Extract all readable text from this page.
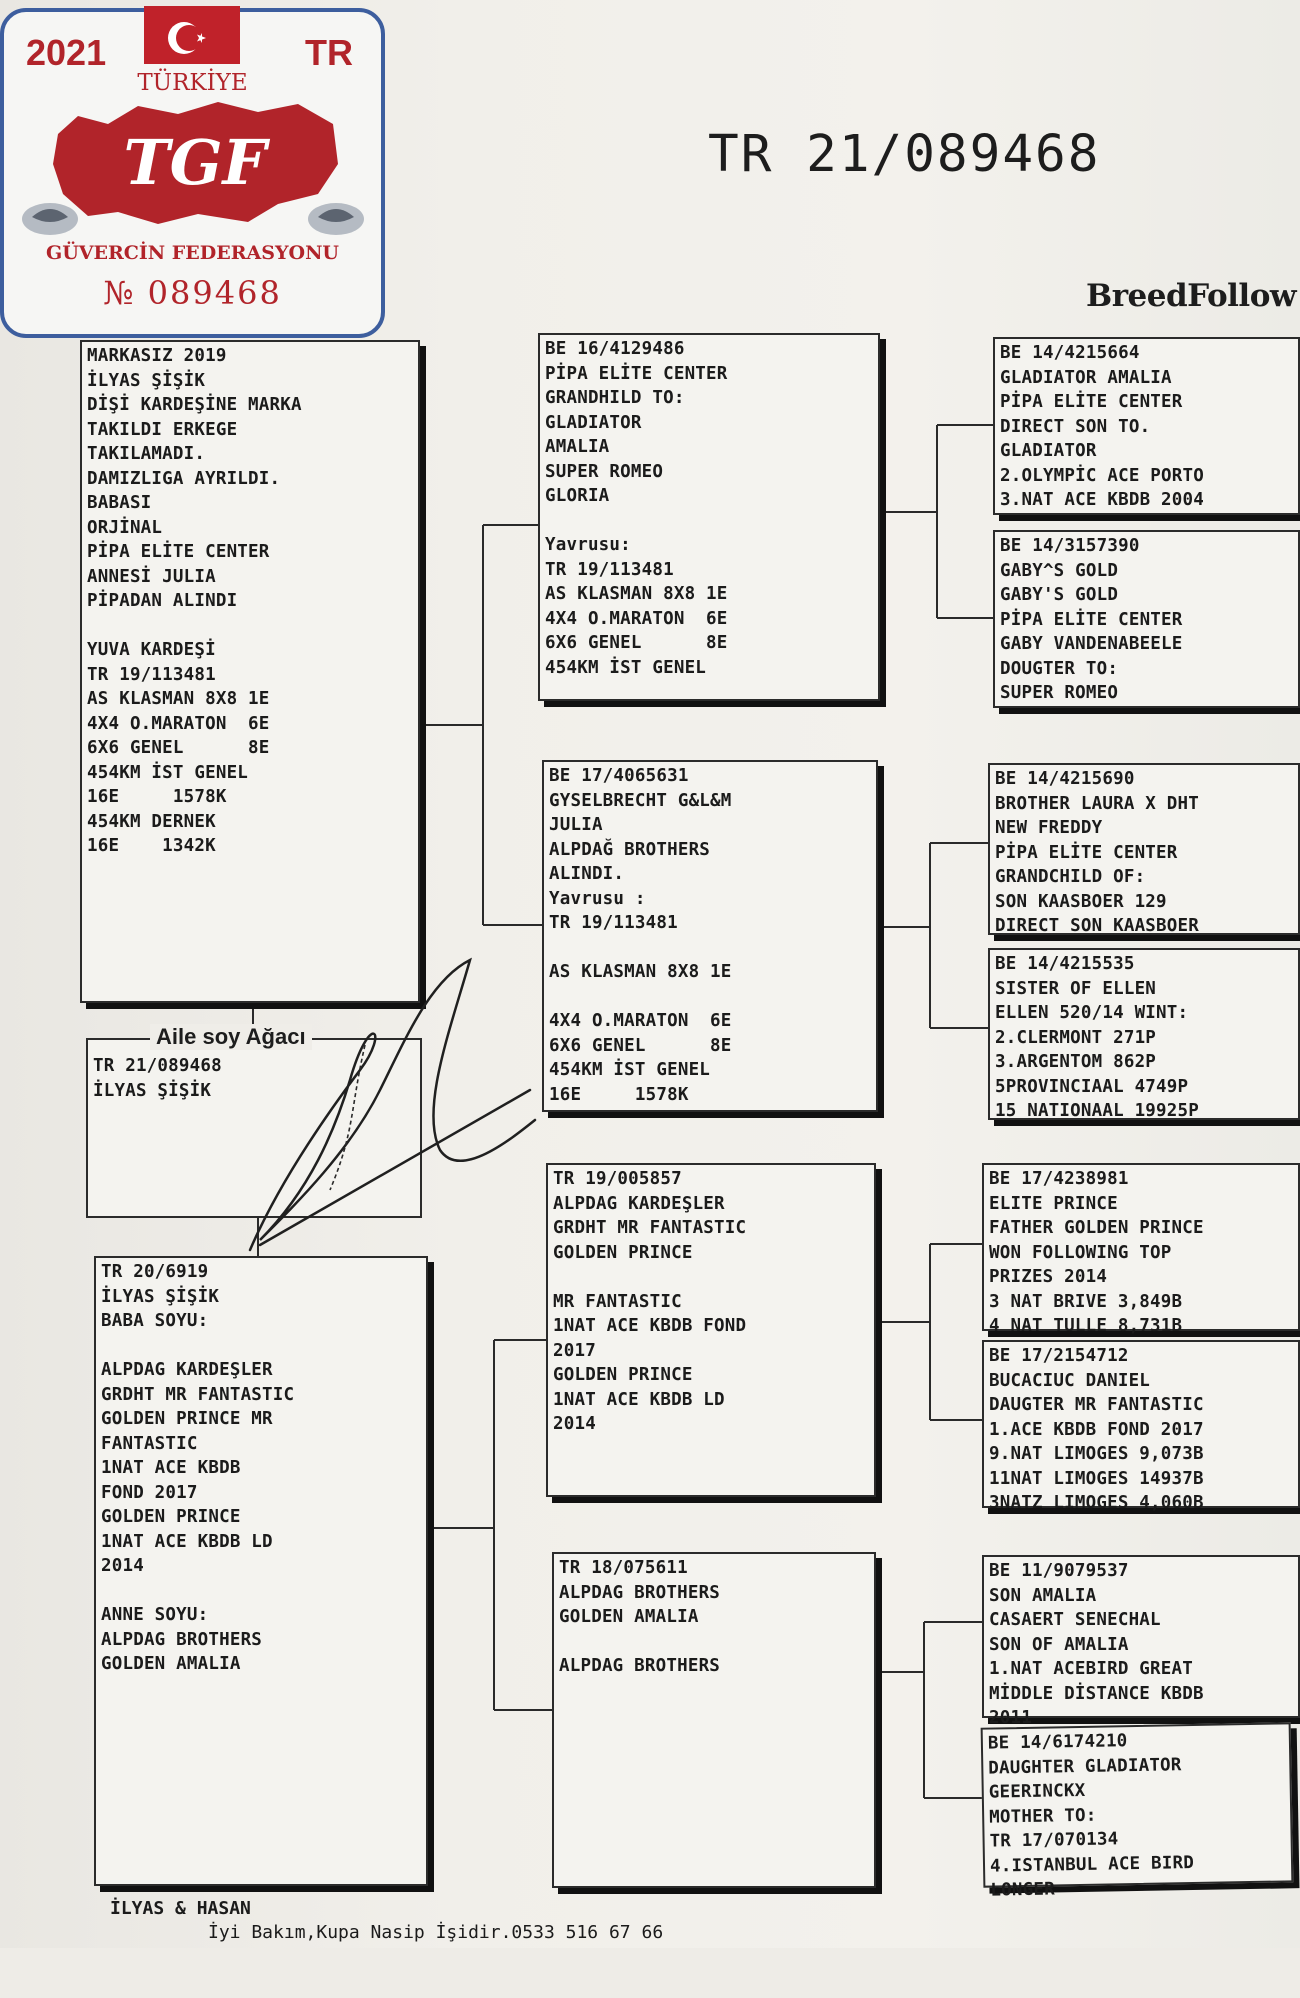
2021	TR
TÜRKİYE
TGF
GÜVERCİN FEDERASYONU
№ 089468
TR 21/089468
BreedFollow
MARKASIZ 2019
İLYAS ŞİŞİK
DİŞİ KARDEŞİNE MARKA
TAKILDI ERKEGE
TAKILAMADI.
DAMIZLIGA AYRILDI.
BABASI
ORJİNAL
PİPA ELİTE CENTER
ANNESİ JULIA
PİPADAN ALINDI
YUVA KARDEŞİ
TR 19/113481
AS KLASMAN 8X8 1E
4X4 O.MARATON  6E
6X6 GENEL      8E
454KM İST GENEL
16E     1578K
454KM DERNEK
16E    1342K
TR 21/089468
İLYAS ŞİŞİK
Aile soy Ağacı
TR 20/6919
İLYAS ŞİŞİK
BABA SOYU:
ALPDAG KARDEŞLER
GRDHT MR FANTASTIC
GOLDEN PRINCE MR
FANTASTIC
1NAT ACE KBDB
FOND 2017
GOLDEN PRINCE
1NAT ACE KBDB LD
2014
ANNE SOYU:
ALPDAG BROTHERS
GOLDEN AMALIA
BE 16/4129486
PİPA ELİTE CENTER
GRANDHILD TO:
GLADIATOR
AMALIA
SUPER ROMEO
GLORIA
Yavrusu:
TR 19/113481
AS KLASMAN 8X8 1E
4X4 O.MARATON  6E
6X6 GENEL      8E
454KM İST GENEL
BE 17/4065631
GYSELBRECHT G&L&M
JULIA
ALPDAĞ BROTHERS
ALINDI.
Yavrusu :
TR 19/113481
AS KLASMAN 8X8 1E
4X4 O.MARATON  6E
6X6 GENEL      8E
454KM İST GENEL
16E     1578K
BE 14/4215664
GLADIATOR AMALIA
PİPA ELİTE CENTER
DIRECT SON TO.
GLADIATOR
2.OLYMPİC ACE PORTO
3.NAT ACE KBDB 2004
BE 14/3157390
GABY^S GOLD
GABY'S GOLD
PİPA ELİTE CENTER
GABY VANDENABEELE
DOUGTER TO:
SUPER ROMEO
BE 14/4215690
BROTHER LAURA X DHT
NEW FREDDY
PİPA ELİTE CENTER
GRANDCHILD OF:
SON KAASBOER 129
DIRECT SON KAASBOER
BE 14/4215535
SISTER OF ELLEN
ELLEN 520/14 WINT:
2.CLERMONT 271P
3.ARGENTOM 862P
5PROVINCIAAL 4749P
15 NATIONAAL 19925P
TR 19/005857
ALPDAG KARDEŞLER
GRDHT MR FANTASTIC
GOLDEN PRINCE
MR FANTASTIC
1NAT ACE KBDB FOND
2017
GOLDEN PRINCE
1NAT ACE KBDB LD
2014
TR 18/075611
ALPDAG BROTHERS
GOLDEN AMALIA
ALPDAG BROTHERS
BE 17/4238981
ELITE PRINCE
FATHER GOLDEN PRINCE
WON FOLLOWING TOP
PRIZES 2014
3 NAT BRIVE 3,849B
4 NAT TULLE 8,731B
BE 17/2154712
BUCACIUC DANIEL
DAUGTER MR FANTASTIC
1.ACE KBDB FOND 2017
9.NAT LIMOGES 9,073B
11NAT LIMOGES 14937B
3NATZ LIMOGES 4,060B
BE 11/9079537
SON AMALIA
CASAERT SENECHAL
SON OF AMALIA
1.NAT ACEBIRD GREAT
MİDDLE DİSTANCE KBDB
2011
BE 14/6174210
DAUGHTER GLADIATOR
GEERINCKX
MOTHER TO:
TR 17/070134
4.ISTANBUL ACE BIRD
LONGER

İLYAS & HASAN

İyi Bakım,Kupa Nasip İşidir.0533 516 67 66
